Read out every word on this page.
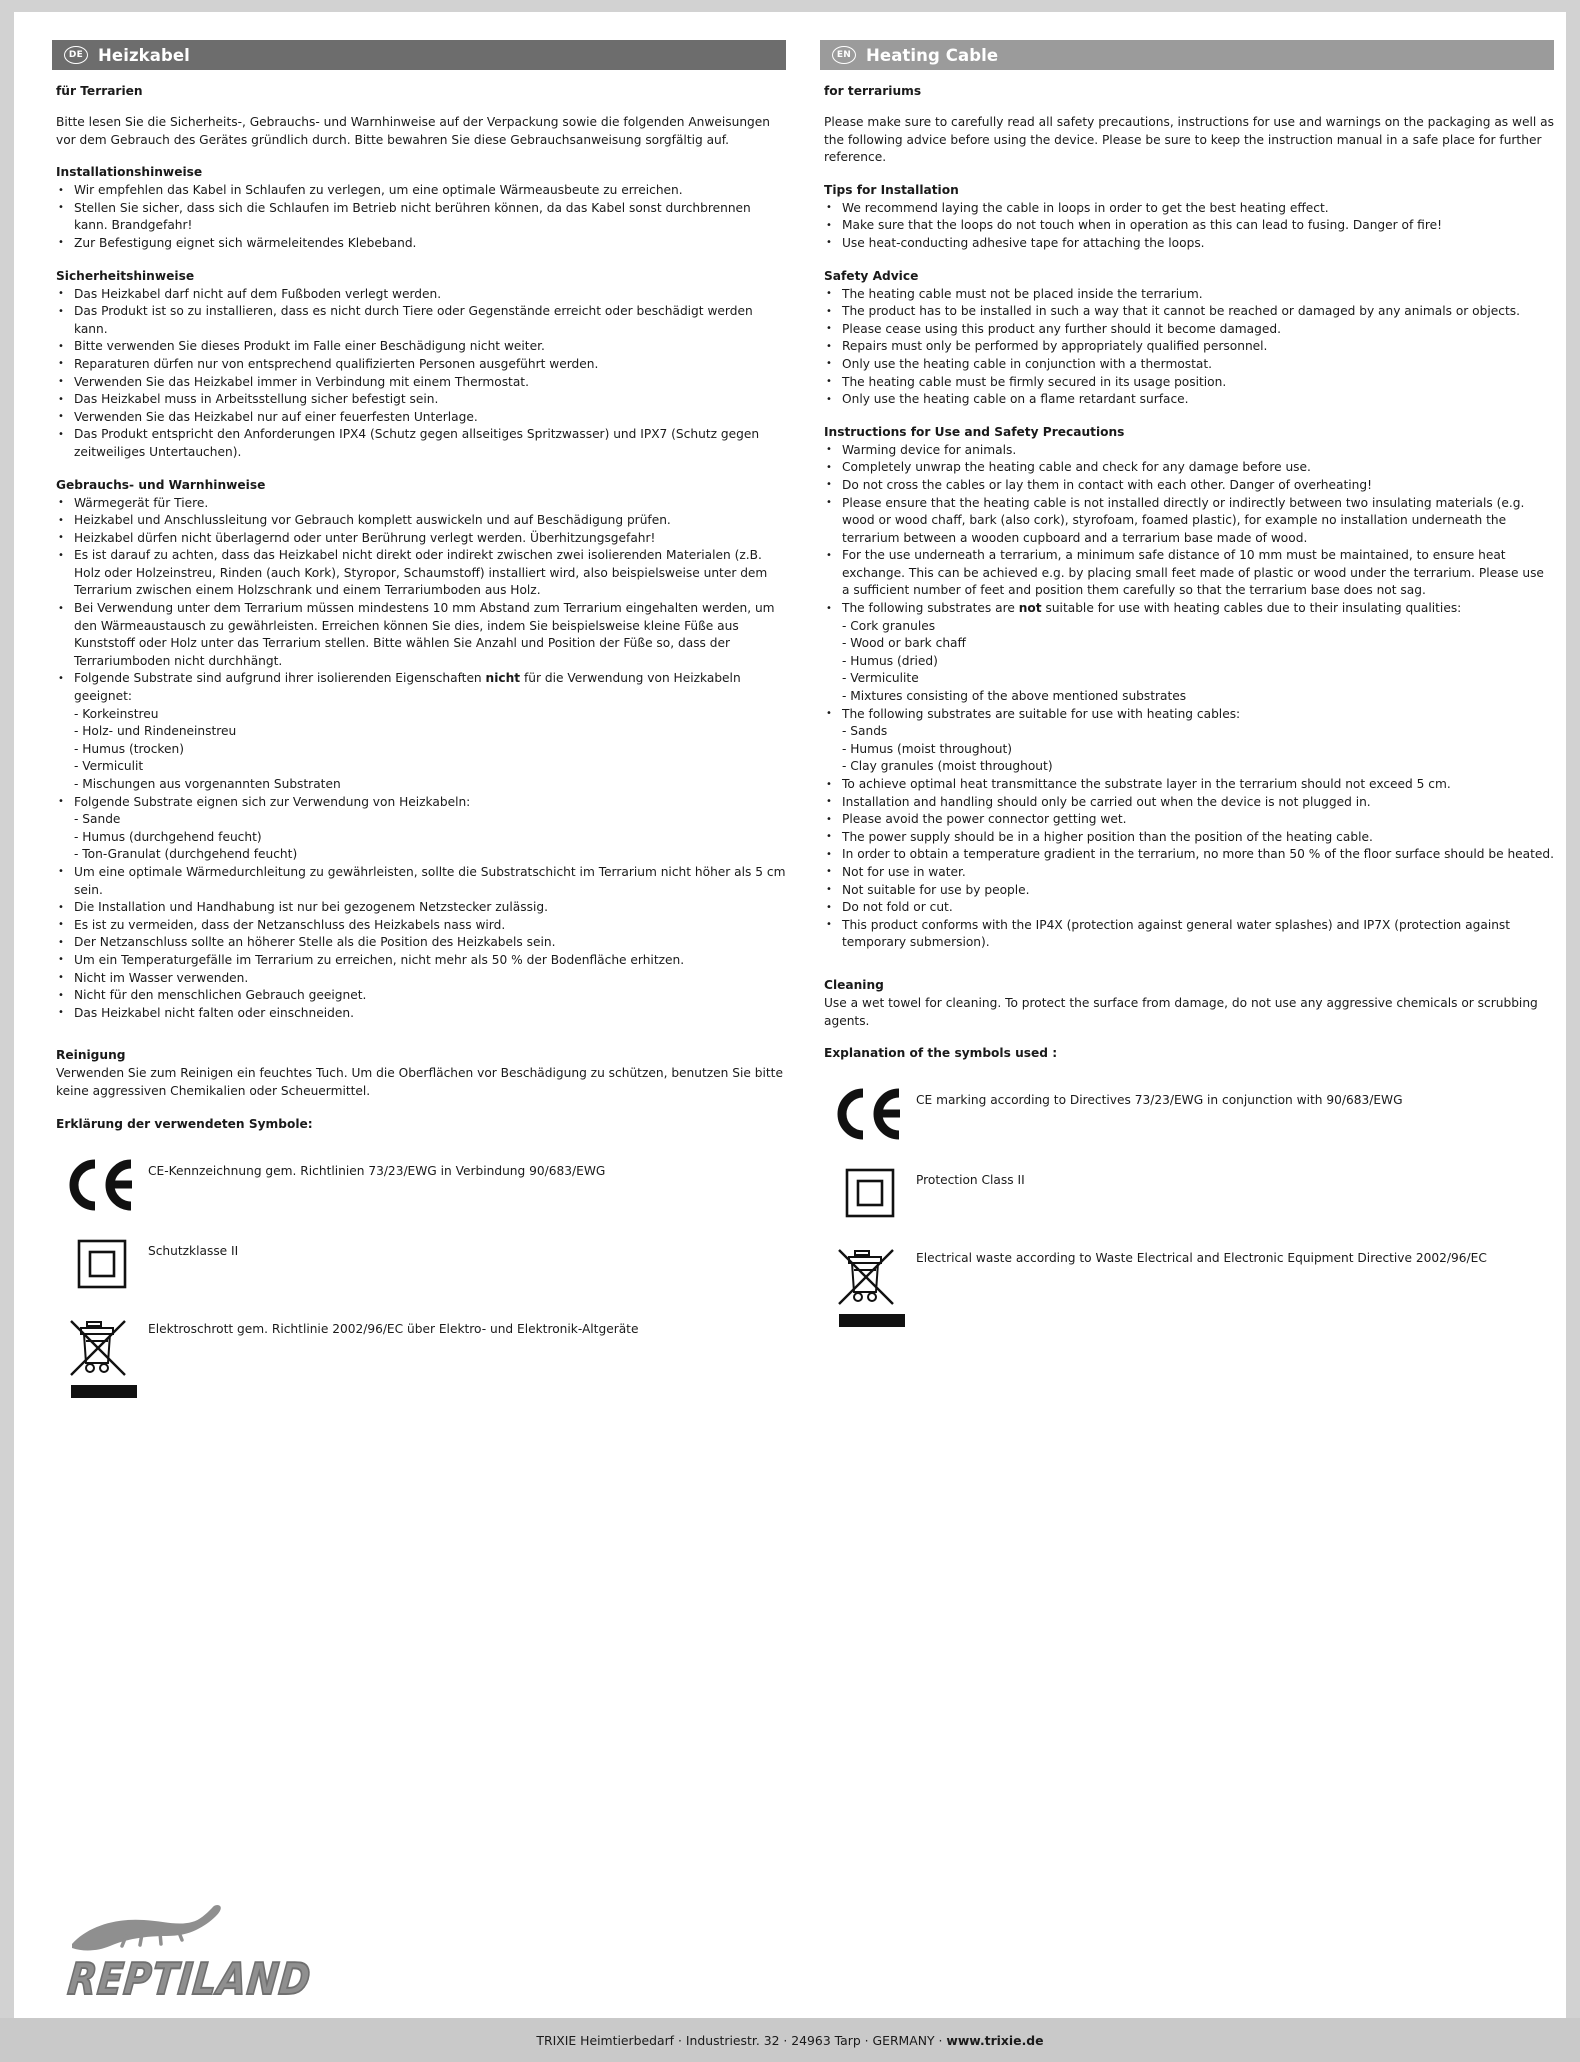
DE Heizkabel
für Terrarien
Bitte lesen Sie die Sicherheits-, Gebrauchs- und Warnhinweise auf der Verpackung sowie die folgenden Anweisungen vor dem Gebrauch des Gerätes gründlich durch. Bitte bewahren Sie diese Gebrauchsanweisung sorgfältig auf.
Installationshinweise
• Wir empfehlen das Kabel in Schlaufen zu verlegen, um eine optimale Wärmeausbeute zu erreichen.
• Stellen Sie sicher, dass sich die Schlaufen im Betrieb nicht berühren können, da das Kabel sonst durchbrennen kann. Brandgefahr!
• Zur Befestigung eignet sich wärmeleitendes Klebeband.
Sicherheitshinweise
• Das Heizkabel darf nicht auf dem Fußboden verlegt werden.
• Das Produkt ist so zu installieren, dass es nicht durch Tiere oder Gegenstände erreicht oder beschädigt werden kann.
• Bitte verwenden Sie dieses Produkt im Falle einer Beschädigung nicht weiter.
• Reparaturen dürfen nur von entsprechend qualifizierten Personen ausgeführt werden.
• Verwenden Sie das Heizkabel immer in Verbindung mit einem Thermostat.
• Das Heizkabel muss in Arbeitsstellung sicher befestigt sein.
• Verwenden Sie das Heizkabel nur auf einer feuerfesten Unterlage.
• Das Produkt entspricht den Anforderungen IPX4 (Schutz gegen allseitiges Spritzwasser) und IPX7 (Schutz gegen zeitweiliges Untertauchen).
Gebrauchs- und Warnhinweise
• Wärmegerät für Tiere.
• Heizkabel und Anschlussleitung vor Gebrauch komplett auswickeln und auf Beschädigung prüfen.
• Heizkabel dürfen nicht überlagernd oder unter Berührung verlegt werden. Überhitzungsgefahr!
• Es ist darauf zu achten, dass das Heizkabel nicht direkt oder indirekt zwischen zwei isolierenden Materialen (z.B. Holz oder Holzeinstreu, Rinden (auch Kork), Styropor, Schaumstoff) installiert wird, also beispielsweise unter dem Terrarium zwischen einem Holzschrank und einem Terrariumboden aus Holz.
• Bei Verwendung unter dem Terrarium müssen mindestens 10 mm Abstand zum Terrarium eingehalten werden, um den Wärmeaustausch zu gewährleisten. Erreichen können Sie dies, indem Sie beispielsweise kleine Füße aus Kunststoff oder Holz unter das Terrarium stellen. Bitte wählen Sie Anzahl und Position der Füße so, dass der Terrariumboden nicht durchhängt.
• Folgende Substrate sind aufgrund ihrer isolierenden Eigenschaften nicht für die Verwendung von Heizkabeln geeignet:
- Korkeinstreu
- Holz- und Rindeneinstreu
- Humus (trocken)
- Vermiculit
- Mischungen aus vorgenannten Substraten
• Folgende Substrate eignen sich zur Verwendung von Heizkabeln:
- Sande
- Humus (durchgehend feucht)
- Ton-Granulat (durchgehend feucht)
• Um eine optimale Wärmedurchleitung zu gewährleisten, sollte die Substratschicht im Terrarium nicht höher als 5 cm sein.
• Die Installation und Handhabung ist nur bei gezogenem Netzstecker zulässig.
• Es ist zu vermeiden, dass der Netzanschluss des Heizkabels nass wird.
• Der Netzanschluss sollte an höherer Stelle als die Position des Heizkabels sein.
• Um ein Temperaturgefälle im Terrarium zu erreichen, nicht mehr als 50 % der Bodenfläche erhitzen.
• Nicht im Wasser verwenden.
• Nicht für den menschlichen Gebrauch geeignet.
• Das Heizkabel nicht falten oder einschneiden.
Reinigung
Verwenden Sie zum Reinigen ein feuchtes Tuch. Um die Oberflächen vor Beschädigung zu schützen, benutzen Sie bitte keine aggressiven Chemikalien oder Scheuermittel.
Erklärung der verwendeten Symbole:
CE-Kennzeichnung gem. Richtlinien 73/23/EWG in Verbindung 90/683/EWG
Schutzklasse II
Elektroschrott gem. Richtlinie 2002/96/EC über Elektro- und Elektronik-Altgeräte
EN Heating Cable
for terrariums
Please make sure to carefully read all safety precautions, instructions for use and warnings on the packaging as well as the following advice before using the device. Please be sure to keep the instruction manual in a safe place for further reference.
Tips for Installation
• We recommend laying the cable in loops in order to get the best heating effect.
• Make sure that the loops do not touch when in operation as this can lead to fusing. Danger of fire!
• Use heat-conducting adhesive tape for attaching the loops.
Safety Advice
• The heating cable must not be placed inside the terrarium.
• The product has to be installed in such a way that it cannot be reached or damaged by any animals or objects.
• Please cease using this product any further should it become damaged.
• Repairs must only be performed by appropriately qualified personnel.
• Only use the heating cable in conjunction with a thermostat.
• The heating cable must be firmly secured in its usage position.
• Only use the heating cable on a flame retardant surface.
Instructions for Use and Safety Precautions
• Warming device for animals.
• Completely unwrap the heating cable and check for any damage before use.
• Do not cross the cables or lay them in contact with each other. Danger of overheating!
• Please ensure that the heating cable is not installed directly or indirectly between two insulating materials (e.g. wood or wood chaff, bark (also cork), styrofoam, foamed plastic), for example no installation underneath the terrarium between a wooden cupboard and a terrarium base made of wood.
• For the use underneath a terrarium, a minimum safe distance of 10 mm must be maintained, to ensure heat exchange. This can be achieved e.g. by placing small feet made of plastic or wood under the terrarium. Please use a sufficient number of feet and position them carefully so that the terrarium base does not sag.
• The following substrates are not suitable for use with heating cables due to their insulating qualities:
- Cork granules
- Wood or bark chaff
- Humus (dried)
- Vermiculite
- Mixtures consisting of the above mentioned substrates
• The following substrates are suitable for use with heating cables:
- Sands
- Humus (moist throughout)
- Clay granules (moist throughout)
• To achieve optimal heat transmittance the substrate layer in the terrarium should not exceed 5 cm.
• Installation and handling should only be carried out when the device is not plugged in.
• Please avoid the power connector getting wet.
• The power supply should be in a higher position than the position of the heating cable.
• In order to obtain a temperature gradient in the terrarium, no more than 50 % of the floor surface should be heated.
• Not for use in water.
• Not suitable for use by people.
• Do not fold or cut.
• This product conforms with the IP4X (protection against general water splashes) and IP7X (protection against temporary submersion).
Cleaning
Use a wet towel for cleaning. To protect the surface from damage, do not use any aggressive chemicals or scrubbing agents.
Explanation of the symbols used :
CE marking according to Directives 73/23/EWG in conjunction with 90/683/EWG
Protection Class II
Electrical waste according to Waste Electrical and Electronic Equipment Directive 2002/96/EC
REPTILAND
TRIXIE Heimtierbedarf · Industriestr. 32 · 24963 Tarp · GERMANY · www.trixie.de
